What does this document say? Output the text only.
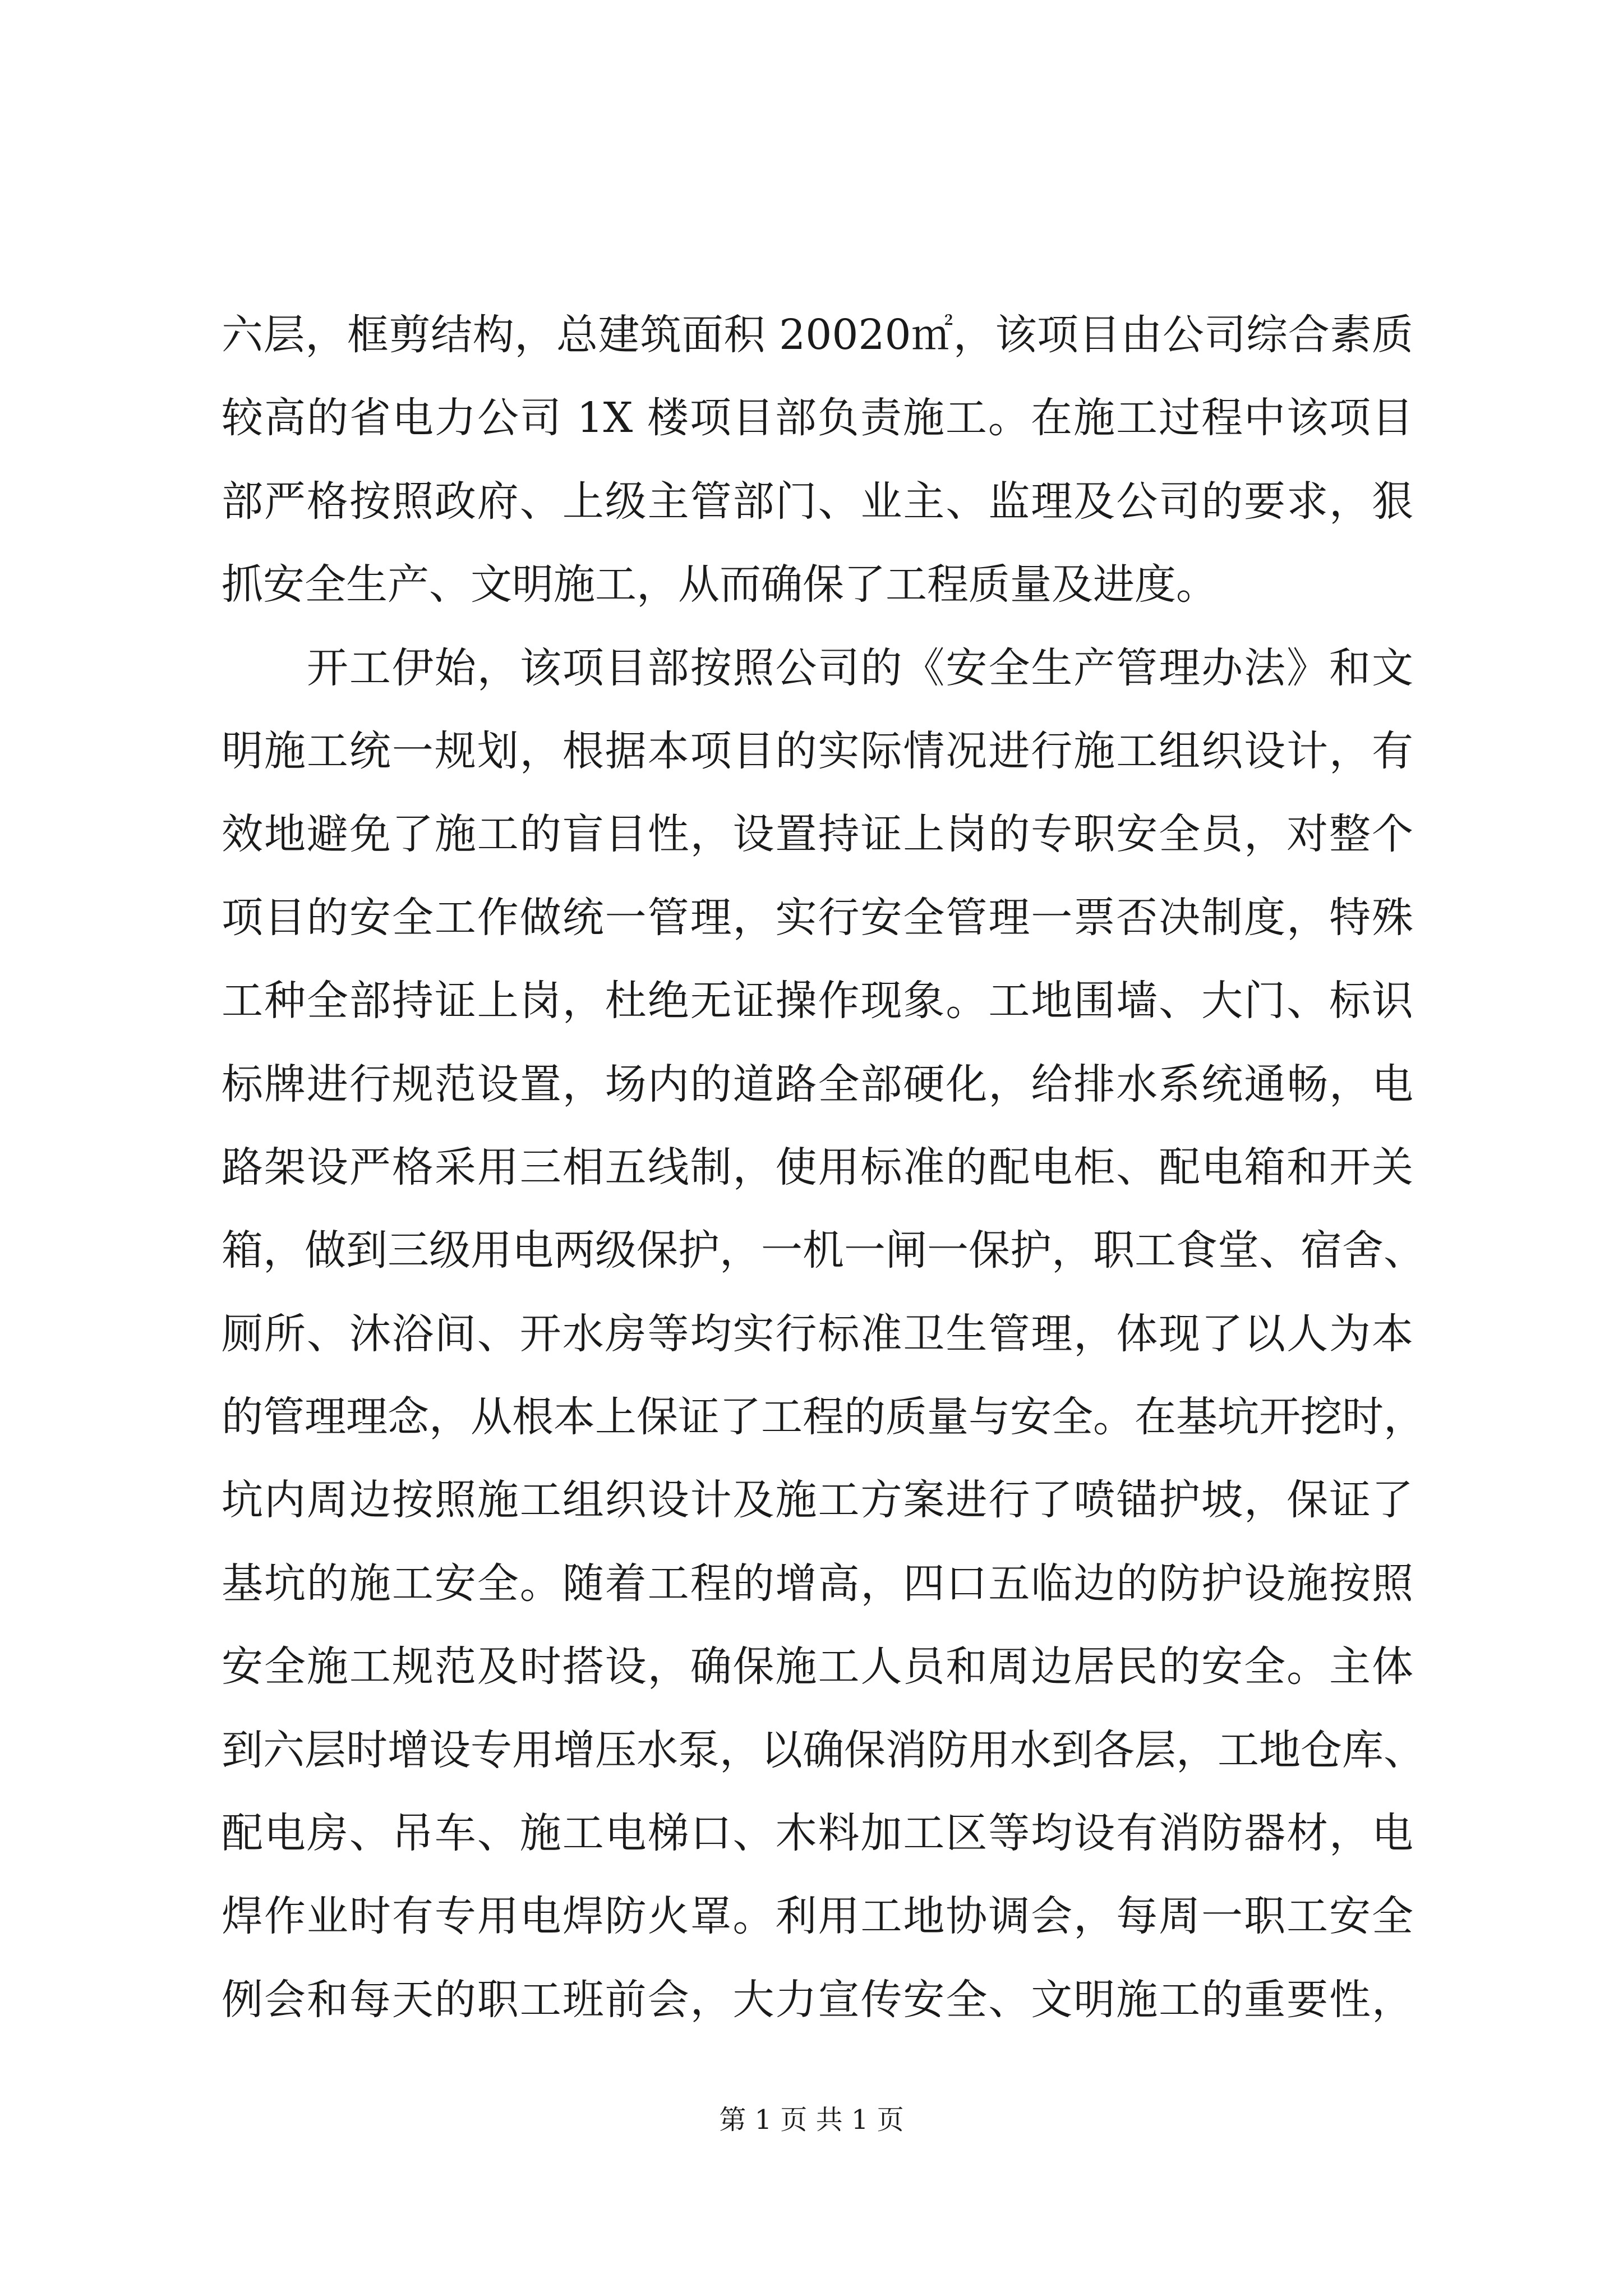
六层，框剪结构，总建筑面积 20020㎡，该项目由公司综合素质
较高的省电力公司 1X 楼项目部负责施工。在施工过程中该项目
部严格按照政府、上级主管部门、业主、监理及公司的要求，狠
抓安全生产、文明施工，从而确保了工程质量及进度。
　　开工伊始，该项目部按照公司的《安全生产管理办法》和文
明施工统一规划，根据本项目的实际情况进行施工组织设计，有
效地避免了施工的盲目性，设置持证上岗的专职安全员，对整个
项目的安全工作做统一管理，实行安全管理一票否决制度，特殊
工种全部持证上岗，杜绝无证操作现象。工地围墙、大门、标识
标牌进行规范设置，场内的道路全部硬化，给排水系统通畅，电
路架设严格采用三相五线制，使用标准的配电柜、配电箱和开关
箱，做到三级用电两级保护，一机一闸一保护，职工食堂、宿舍、
厕所、沐浴间、开水房等均实行标准卫生管理，体现了以人为本
的管理理念，从根本上保证了工程的质量与安全。在基坑开挖时，
坑内周边按照施工组织设计及施工方案进行了喷锚护坡，保证了
基坑的施工安全。随着工程的增高，四口五临边的防护设施按照
安全施工规范及时搭设，确保施工人员和周边居民的安全。主体
到六层时增设专用增压水泵，以确保消防用水到各层，工地仓库、
配电房、吊车、施工电梯口、木料加工区等均设有消防器材，电
焊作业时有专用电焊防火罩。利用工地协调会，每周一职工安全
例会和每天的职工班前会，大力宣传安全、文明施工的重要性，
第 1 页 共 1 页
